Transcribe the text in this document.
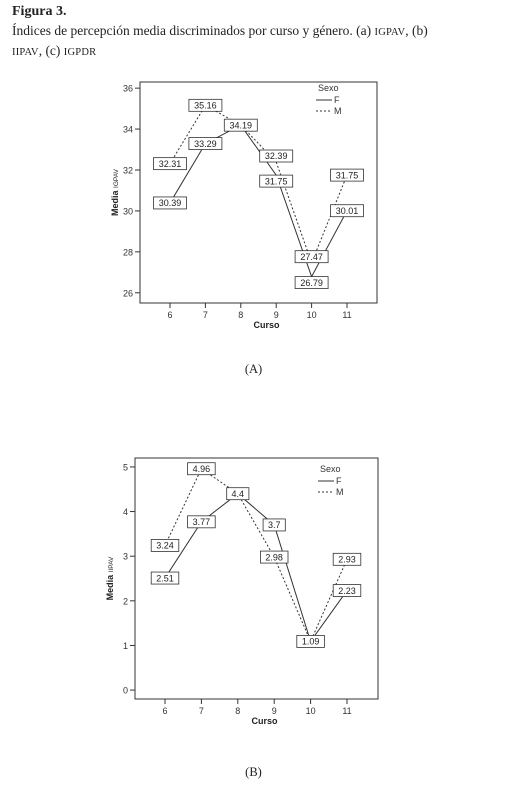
Figura 3.
Índices de percepción media discriminados por curso y género. (a) IGPAV, (b)
IIPAV, (c) IGPDR
26
28
30
32
34
36
6	7	8	9	10	11
Curso
Media IGPAV
30.39
33.29
34.19
31.75
26.79
30.01
32.31
35.16
32.39
27.47
31.75
Sexo
F
M
(A)
0
1
2
3
4
5
6	7	8	9	10	11
Curso
Media IIPAV
2.51
3.77
4.4
3.7
1.09
2.23
3.24
4.96
2.98	2.93
Sexo
F
M
(B)
